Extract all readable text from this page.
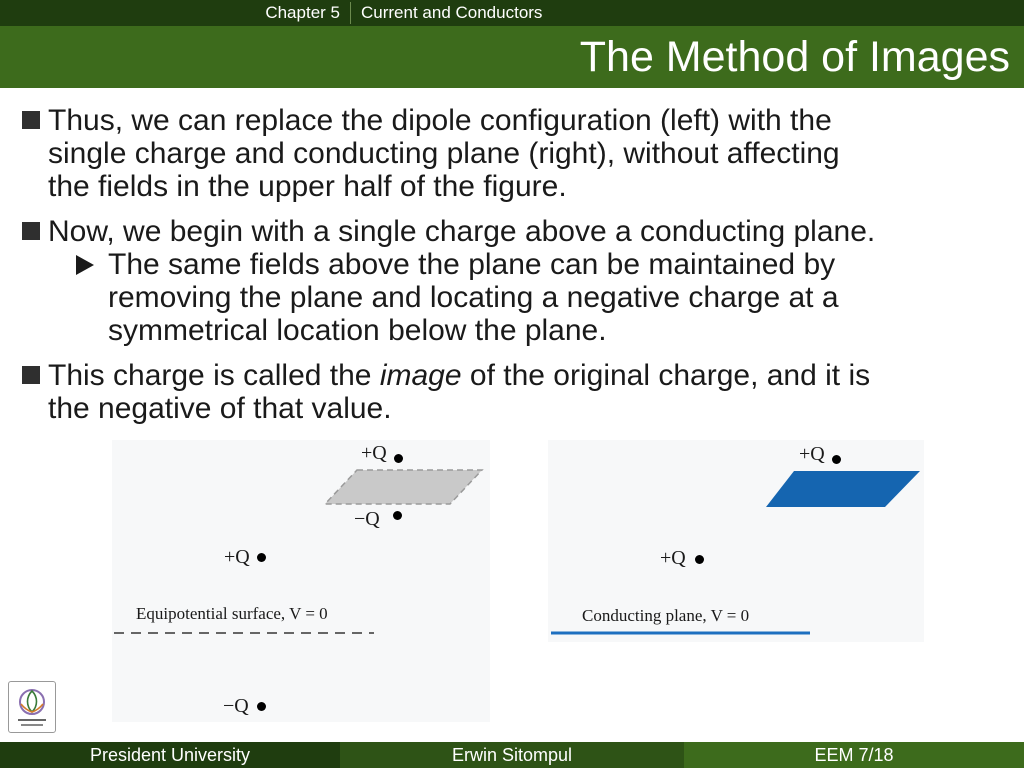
Chapter 5	Current and Conductors
The Method of Images
Thus, we can replace the dipole configuration (left) with the
single charge and conducting plane (right), without affecting
the fields in the upper half of the figure.
Now, we begin with a single charge above a conducting plane.
The same fields above the plane can be maintained by
removing the plane and locating a negative charge at a
symmetrical location below the plane.
This charge is called the image of the original charge, and it is
the negative of that value.
+Q
−Q
+Q
Equipotential surface, V = 0
−Q
+Q
+Q
Conducting plane, V = 0
President University	Erwin Sitompul	EEM 7/18
